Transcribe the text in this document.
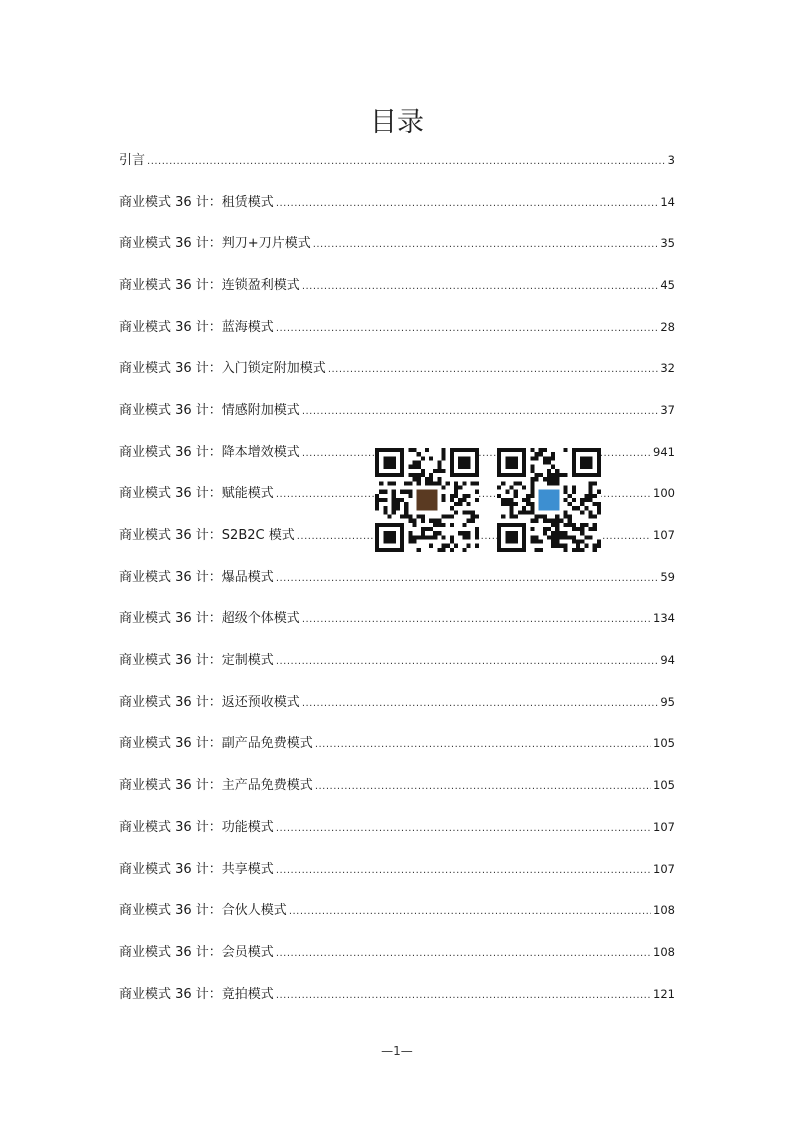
目录
引言 .....	3
商业模式 36 计：租赁模式 .....	14
商业模式 36 计：判刀+刀片模式 .....	35
商业模式 36 计：连锁盈利模式 .....	45
商业模式 36 计：蓝海模式 .....	28
商业模式 36 计：入门锁定附加模式 .....	32
商业模式 36 计：情感附加模式 .....	37
商业模式 36 计：降本增效模式 .....	941
商业模式 36 计：赋能模式 .....	100
商业模式 36 计：S2B2C 模式 .....	107
商业模式 36 计：爆品模式 .....	59
商业模式 36 计：超级个体模式 .....	134
商业模式 36 计：定制模式 .....	94
商业模式 36 计：返还预收模式 .....	95
商业模式 36 计：副产品免费模式 .....	105
商业模式 36 计：主产品免费模式 .....	105
商业模式 36 计：功能模式 .....	107
商业模式 36 计：共享模式 .....	107
商业模式 36 计：合伙人模式 .....	108
商业模式 36 计：会员模式 .....	108
商业模式 36 计：竟拍模式 .....	121
—1—
